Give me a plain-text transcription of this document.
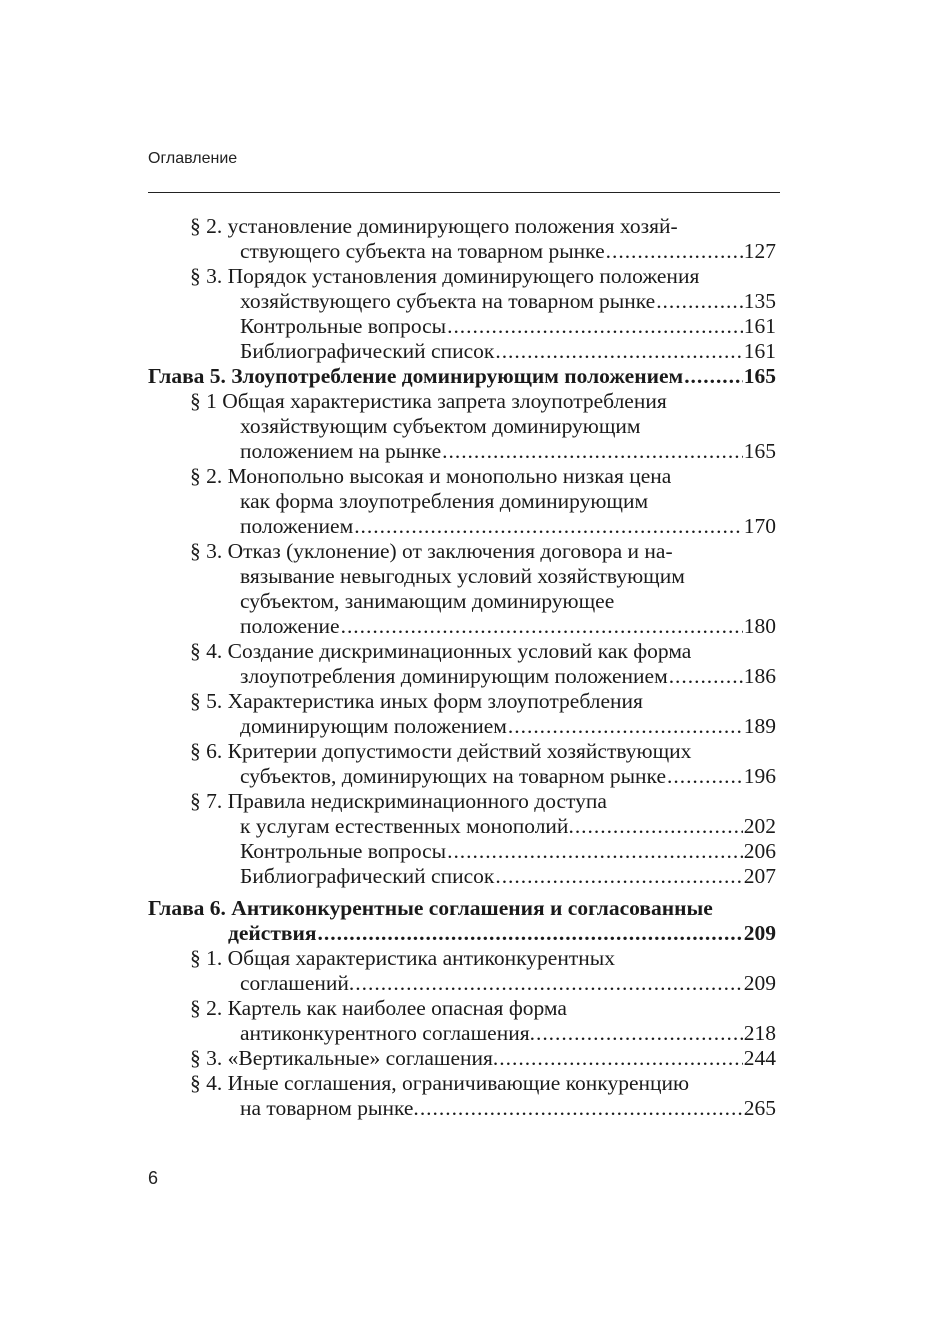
Оглавление
§ 2. установление доминирующего положения хозяй-
ствующего субъекта на товарном рынке . . .	127
§ 3. Порядок установления доминирующего положения
хозяйствующего субъекта на товарном рынке . . .	135
Контрольные вопросы . . .	161
Библиографический список . . .	161
Глава 5. Злоупотребление доминирующим положением . . .	165
§ 1 Общая характеристика запрета злоупотребления
хозяйствующим субъектом доминирующим
положением на рынке . . .	165
§ 2. Монопольно высокая и монопольно низкая цена
как форма злоупотребления доминирующим
положением . . .	170
§ 3. Отказ (уклонение) от заключения договора и на-
вязывание невыгодных условий хозяйствующим
субъектом, занимающим доминирующее
положение . . .	180
§ 4. Создание дискриминационных условий как форма
злоупотребления доминирующим положением . . .	186
§ 5. Характеристика иных форм злоупотребления
доминирующим положением . . .	189
§ 6. Критерии допустимости действий хозяйствующих
субъектов, доминирующих на товарном рынке . . .	196
§ 7. Правила недискриминационного доступа
к услугам естественных монополий. . . .	202
Контрольные вопросы . . .	206
Библиографический список . . .	207
Глава 6. Антиконкурентные соглашения и согласованные
действия . . .	209
§ 1. Общая характеристика антиконкурентных
соглашений. . . .	209
§ 2. Картель как наиболее опасная форма
антиконкурентного соглашения. . . .	218
§ 3. «Вертикальные» соглашения. . . .	244
§ 4. Иные соглашения, ограничивающие конкуренцию
на товарном рынке. . . .	265
6
